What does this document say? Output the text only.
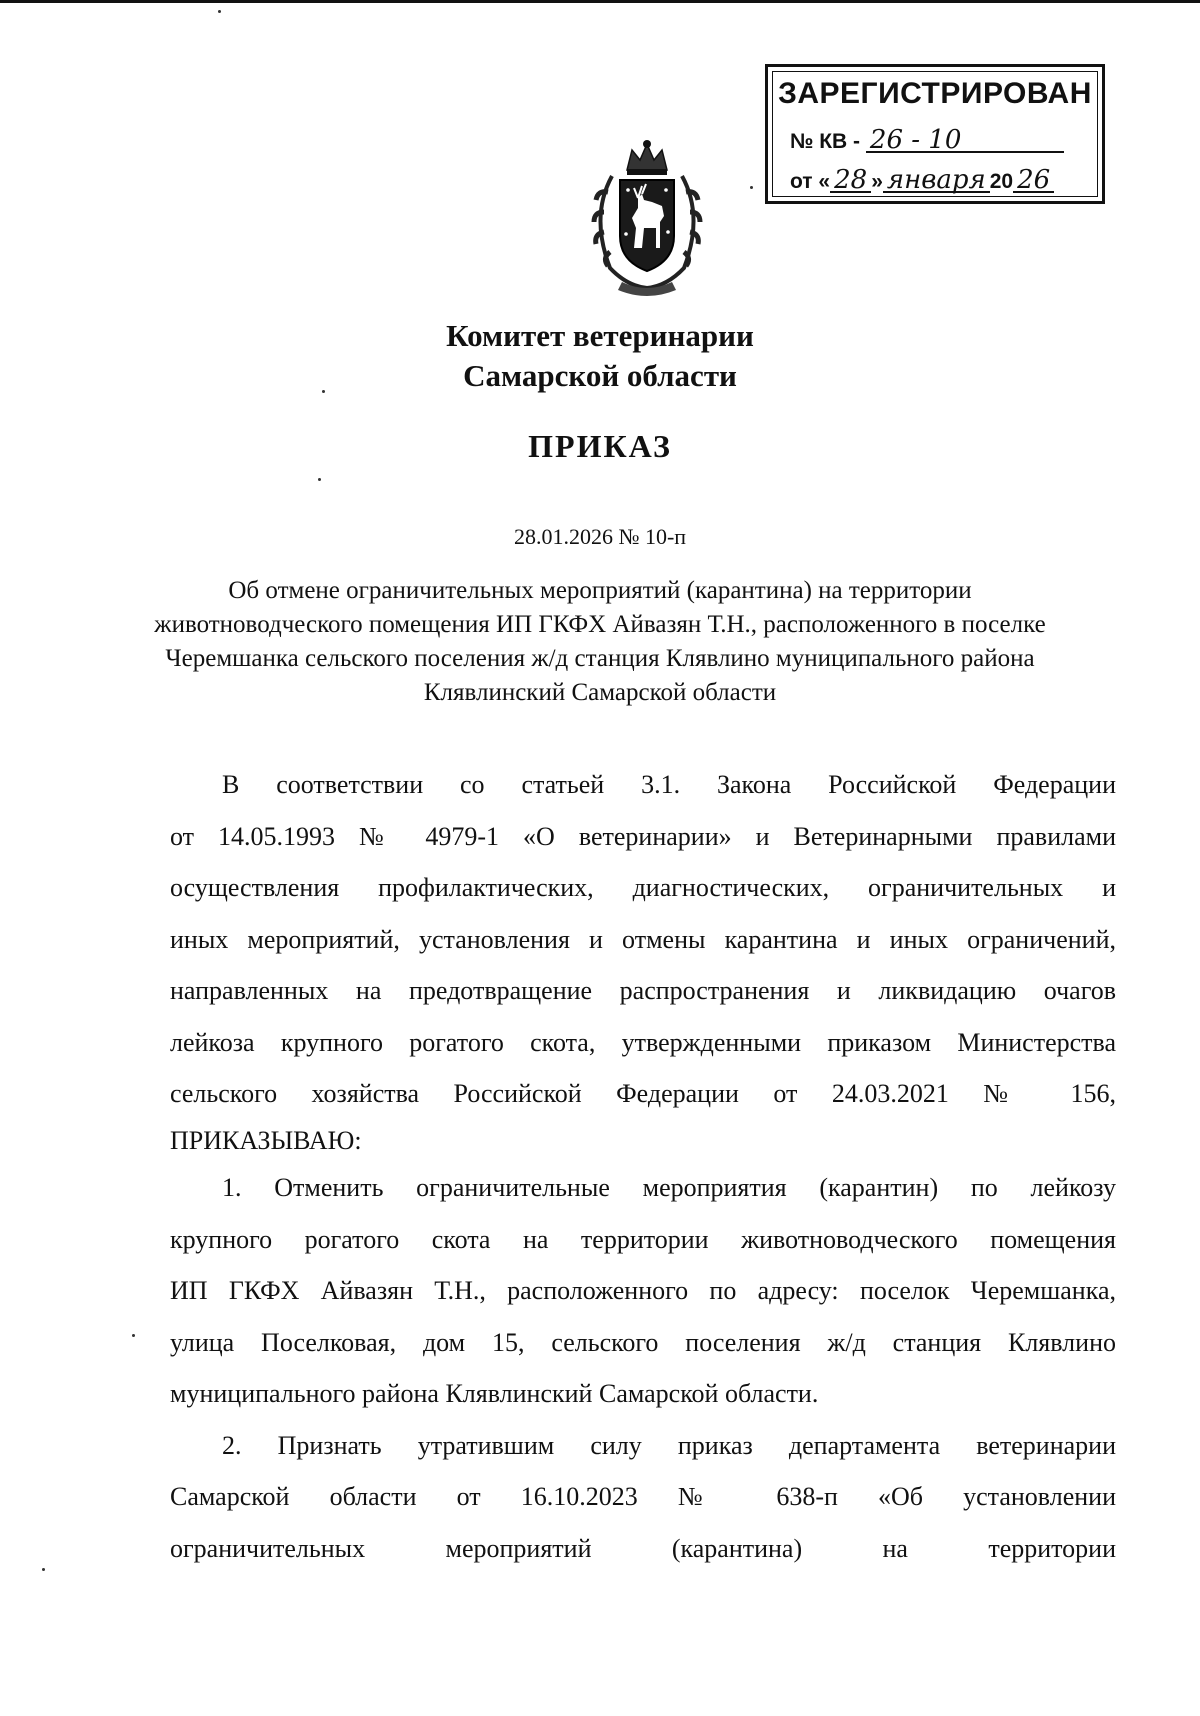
ЗАРЕГИСТРИРОВАН
№ КВ - 26 - 10
от « 28 » января 20 26
Комитет ветеринарии
Самарской области
ПРИКАЗ
28.01.2026 № 10-п
Об отмене ограничительных мероприятий (карантина) на территории животноводческого помещения ИП ГКФХ Айвазян Т.Н., расположенного в поселке Черемшанка сельского поселения ж/д станция Клявлино муниципального района Клявлинский Самарской области
В соответствии со статьей 3.1. Закона Российской Федерации
от 14.05.1993 № 4979-1 «О ветеринарии» и Ветеринарными правилами
осуществления профилактических, диагностических, ограничительных и
иных мероприятий, установления и отмены карантина и иных ограничений,
направленных на предотвращение распространения и ликвидацию очагов
лейкоза крупного рогатого скота, утвержденными приказом Министерства
сельского хозяйства Российской Федерации от 24.03.2021 № 156,
ПРИКАЗЫВАЮ:
1. Отменить ограничительные мероприятия (карантин) по лейкозу
крупного рогатого скота на территории животноводческого помещения
ИП ГКФХ Айвазян Т.Н., расположенного по адресу: поселок Черемшанка,
улица Поселковая, дом 15, сельского поселения ж/д станция Клявлино
муниципального района Клявлинский Самарской области.
2. Признать утратившим силу приказ департамента ветеринарии
Самарской области от 16.10.2023 № 638-п «Об установлении
ограничительных мероприятий (карантина) на территории
